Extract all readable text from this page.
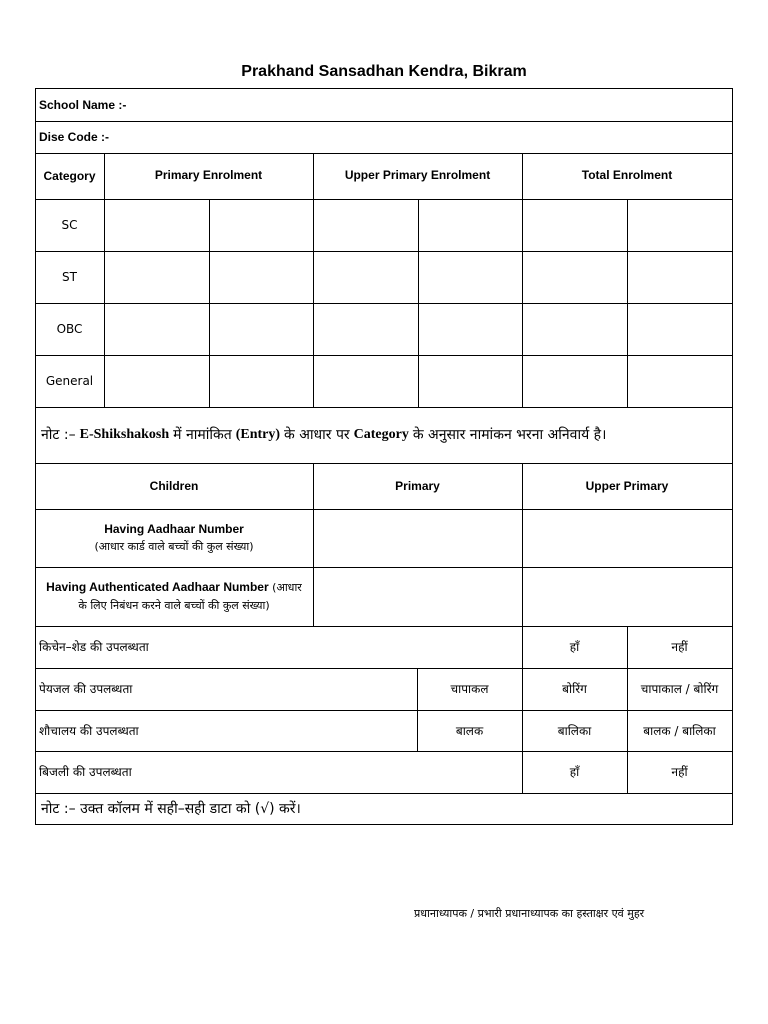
Prakhand Sansadhan Kendra, Bikram
School Name :-
Dise Code :-
Category	Primary Enrolment	Upper Primary Enrolment	Total Enrolment
SC
ST
OBC
General
नोट :– E-Shikshakosh में नामांकित (Entry) के आधार पर Category के अनुसार नामांकन भरना अनिवार्य है।
Children	Primary	Upper Primary
Having Aadhaar Number
(आधार कार्ड वाले बच्चों की कुल संख्या)
Having Authenticated Aadhaar Number (आधार
के लिए निबंधन करने वाले बच्चों की कुल संख्या)
किचेन–शेड की उपलब्धता	हाँ	नहीं
पेयजल की उपलब्धता	चापाकल	बोरिंग	चापाकाल / बोरिंग
शौचालय की उपलब्धता	बालक	बालिका	बालक / बालिका
बिजली की उपलब्धता	हाँ	नहीं
नोट :– उक्त कॉलम में सही–सही डाटा को (√) करें।
प्रधानाध्यापक / प्रभारी प्रधानाध्यापक का हस्ताक्षर एवं मुहर
